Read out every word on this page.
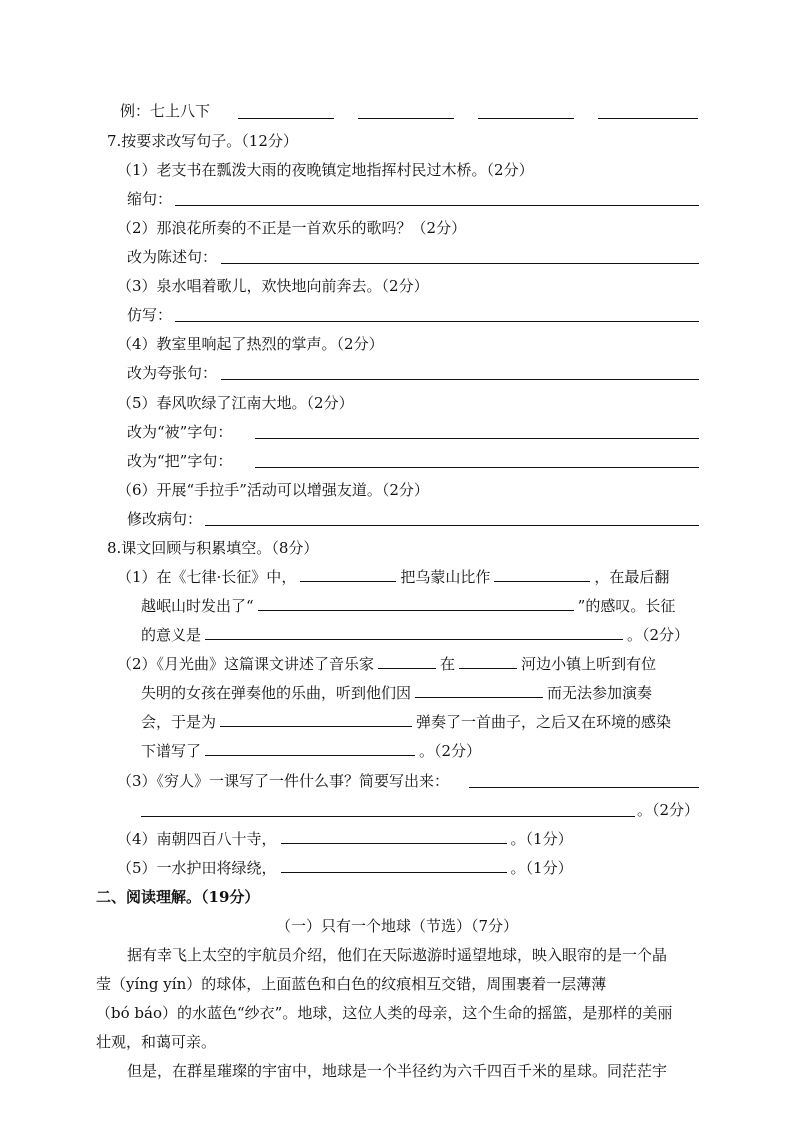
例：七上八下
7.按要求改写句子。（12分）
（1）老支书在瓢泼大雨的夜晚镇定地指挥村民过木桥。（2分）
缩句：
（2）那浪花所奏的不正是一首欢乐的歌吗？（2分）
改为陈述句：
（3）泉水唱着歌儿，欢快地向前奔去。（2分）
仿写：
（4）教室里响起了热烈的掌声。（2分）
改为夸张句：
（5）春风吹绿了江南大地。（2分）
改为“被”字句：
改为“把”字句：
（6）开展“手拉手”活动可以增强友道。（2分）
修改病句：
8.课文回顾与积累填空。（8分）
（1）在《七律·长征》中，	把乌蒙山比作	，在最后翻
越岷山时发出了“	”的感叹。长征
的意义是	。（2分）
（2）《月光曲》这篇课文讲述了音乐家	在	河边小镇上听到有位
失明的女孩在弹奏他的乐曲，听到他们因	而无法参加演奏
会，于是为	弹奏了一首曲子，之后又在环境的感染
下谱写了	。（2分）
（3）《穷人》一课写了一件什么事？简要写出来：
。（2分）
（4）南朝四百八十寺，	。（1分）
（5）一水护田将绿绕，	。（1分）
二、阅读理解。（19分）
（一）只有一个地球（节选）（7分）
据有幸飞上太空的宇航员介绍，他们在天际遨游时遥望地球，映入眼帘的是一个晶
莹（yíng yín）的球体，上面蓝色和白色的纹痕相互交错，周围裹着一层薄薄
（bó báo）的水蓝色“纱衣”。地球，这位人类的母亲，这个生命的摇篮，是那样的美丽
壮观，和蔼可亲。
但是，在群星璀璨的宇宙中，地球是一个半径约为六千四百千米的星球。同茫茫宇
